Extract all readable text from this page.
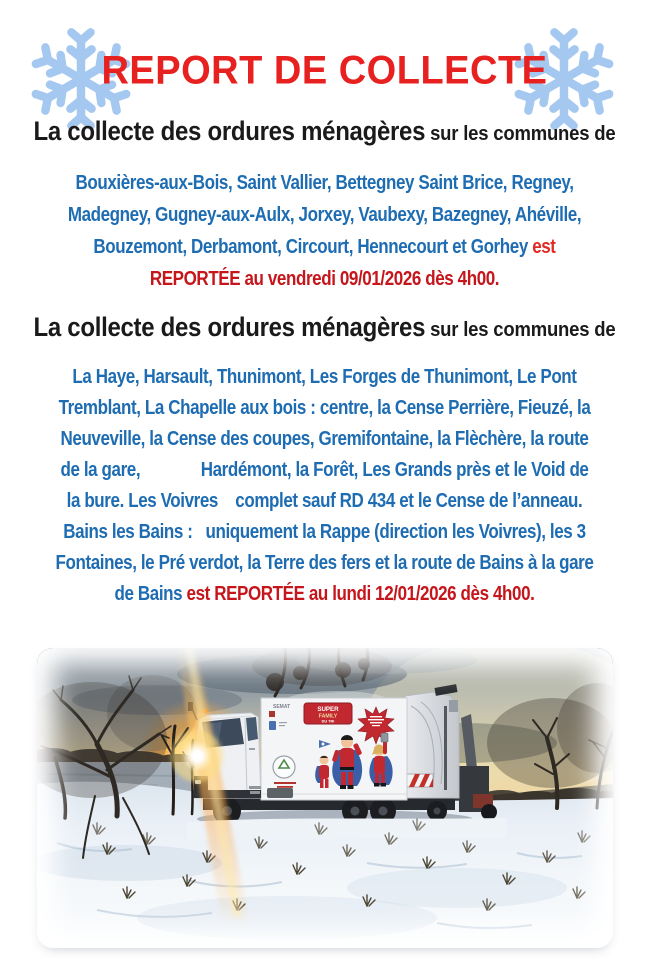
REPORT DE COLLECTE
La collecte des ordures ménagères sur les communes de
Bouxières-aux-Bois, Saint Vallier, Bettegney Saint Brice, Regney,
Madegney, Gugney-aux-Aulx, Jorxey, Vaubexy, Bazegney, Ahéville,
Bouzemont, Derbamont, Circourt, Hennecourt et Gorhey est
REPORTÉE au vendredi 09/01/2026 dès 4h00.
La collecte des ordures ménagères sur les communes de
La Haye, Harsault, Thunimont, Les Forges de Thunimont, Le Pont
Tremblant, La Chapelle aux bois : centre, la Cense Perrière, Fieuzé, la
Neuveville, la Cense des coupes, Gremifontaine, la Flèchère, la route
de la gare,              Hardémont, la Forêt, Les Grands près et le Void de
la bure. Les Voivres    complet sauf RD 434 et le Cense de l’anneau.
Bains les Bains :   uniquement la Rappe (direction les Voivres), les 3
Fontaines, le Pré verdot, la Terre des fers et la route de Bains à la gare
de Bains est REPORTÉE au lundi 12/01/2026 dès 4h00.
SEMAT	SUPER
FAMILY
DU TRI
